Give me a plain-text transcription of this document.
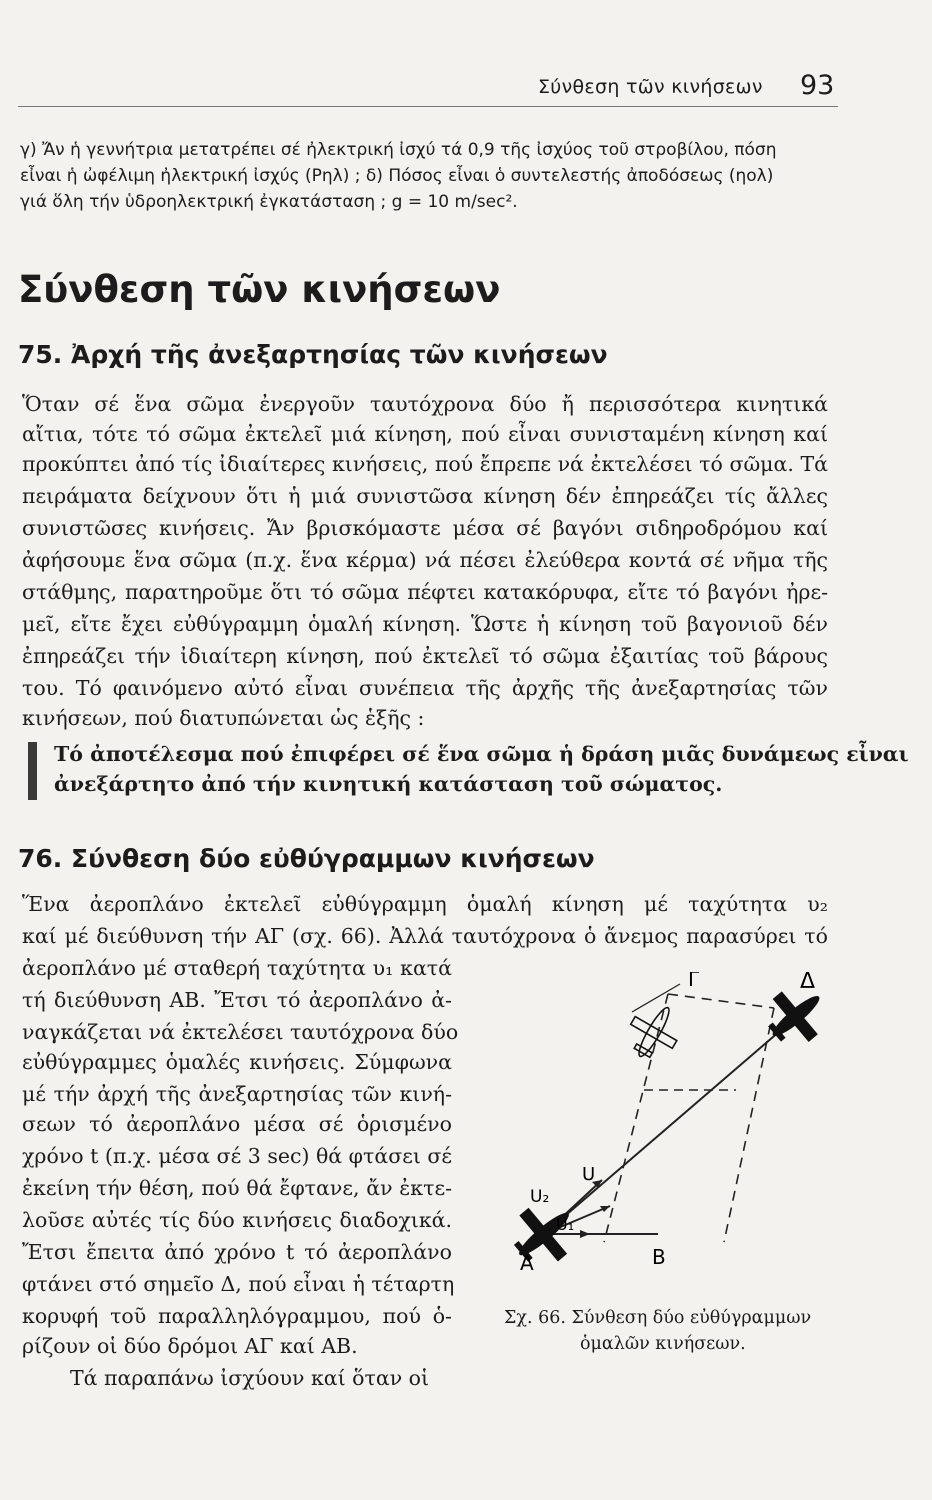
Σύνθεση τῶν κινήσεων 93
γ) Ἄν ἡ γεννήτρια μετατρέπει σέ ἠλεκτρική ἰσχύ τά 0,9 τῆς ἰσχύος τοῦ στροβίλου, πόση
εἶναι ἡ ὠφέλιμη ἠλεκτρική ἰσχύς (Ρηλ) ; δ) Πόσος εἶναι ὁ συντελεστής ἀποδόσεως (ηολ)
γιά ὅλη τήν ὑδροηλεκτρική ἐγκατάσταση ; g = 10 m/sec².
Σύνθεση τῶν κινήσεων
75. Ἀρχή τῆς ἀνεξαρτησίας τῶν κινήσεων
Ὅταν σέ ἕνα σῶμα ἐνεργοῦν ταυτόχρονα δύο ἤ περισσότερα κινητικά
αἴτια, τότε τό σῶμα ἐκτελεῖ μιά κίνηση, πού εἶναι συνισταμένη κίνηση καί
προκύπτει ἀπό τίς ἰδιαίτερες κινήσεις, πού ἔπρεπε νά ἐκτελέσει τό σῶμα. Τά
πειράματα δείχνουν ὅτι ἡ μιά συνιστῶσα κίνηση δέν ἐπηρεάζει τίς ἄλλες
συνιστῶσες κινήσεις. Ἄν βρισκόμαστε μέσα σέ βαγόνι σιδηροδρόμου καί
ἀφήσουμε ἕνα σῶμα (π.χ. ἕνα κέρμα) νά πέσει ἐλεύθερα κοντά σέ νῆμα τῆς
στάθμης, παρατηροῦμε ὅτι τό σῶμα πέφτει κατακόρυφα, εἴτε τό βαγόνι ἠρε-
μεῖ, εἴτε ἔχει εὐθύγραμμη ὁμαλή κίνηση. Ὥστε ἡ κίνηση τοῦ βαγονιοῦ δέν
ἐπηρεάζει τήν ἰδιαίτερη κίνηση, πού ἐκτελεῖ τό σῶμα ἐξαιτίας τοῦ βάρους
του. Τό φαινόμενο αὐτό εἶναι συνέπεια τῆς ἀρχῆς τῆς ἀνεξαρτησίας τῶν
κινήσεων, πού διατυπώνεται ὡς ἑξῆς :
Τό ἀποτέλεσμα πού ἐπιφέρει σέ ἕνα σῶμα ἡ δράση μιᾶς δυνάμεως εἶναι
ἀνεξάρτητο ἀπό τήν κινητική κατάσταση τοῦ σώματος.
76. Σύνθεση δύο εὐθύγραμμων κινήσεων
Ἕνα ἀεροπλάνο ἐκτελεῖ εὐθύγραμμη ὁμαλή κίνηση μέ ταχύτητα υ₂
καί μέ διεύθυνση τήν ΑΓ (σχ. 66). Ἀλλά ταυτόχρονα ὁ ἄνεμος παρασύρει τό
ἀεροπλάνο μέ σταθερή ταχύτητα υ₁ κατά
τή διεύθυνση ΑΒ. Ἔτσι τό ἀεροπλάνο ἀ-
ναγκάζεται νά ἐκτελέσει ταυτόχρονα δύο
εὐθύγραμμες ὁμαλές κινήσεις. Σύμφωνα
μέ τήν ἀρχή τῆς ἀνεξαρτησίας τῶν κινή-
σεων τό ἀεροπλάνο μέσα σέ ὁρισμένο
χρόνο t (π.χ. μέσα σέ 3 sec) θά φτάσει σέ
ἐκείνη τήν θέση, πού θά ἔφτανε, ἄν ἐκτε-
λοῦσε αὐτές τίς δύο κινήσεις διαδοχικά.
Ἔτσι ἔπειτα ἀπό χρόνο t τό ἀεροπλάνο
φτάνει στό σημεῖο Δ, πού εἶναι ἡ τέταρτη
κορυφή τοῦ παραλληλόγραμμου, πού ὁ-
ρίζουν οἱ δύο δρόμοι ΑΓ καί ΑΒ.
Τά παραπάνω ἰσχύουν καί ὅταν οἱ
A	B
Γ	Δ
U
U₂
U₁
Σχ. 66. Σύνθεση δύο εὐθύγραμμων
ὁμαλῶν κινήσεων.
